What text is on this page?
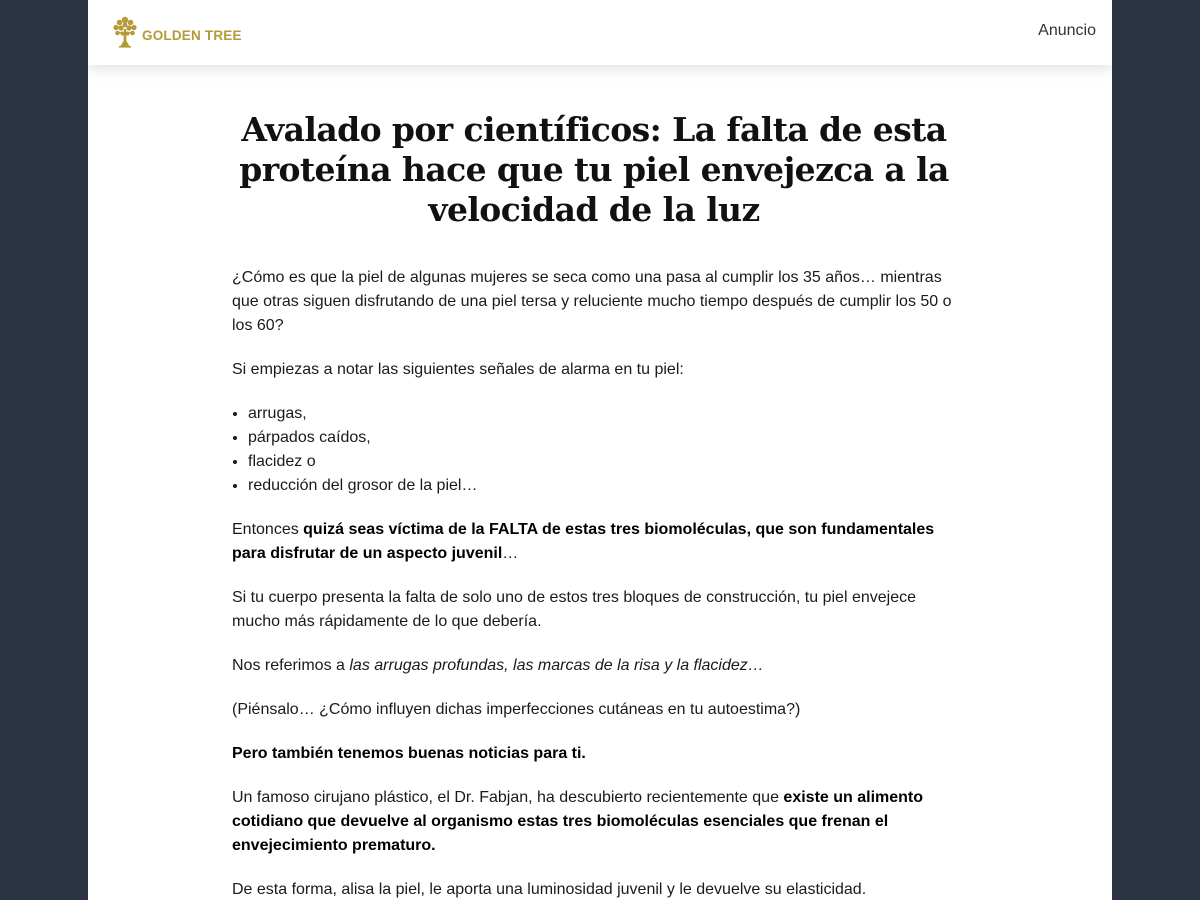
GOLDEN TREE	Anuncio
Avalado por científicos: La falta de esta proteína hace que tu piel envejezca a la velocidad de la luz

¿Cómo es que la piel de algunas mujeres se seca como una pasa al cumplir los 35 años… mientras que otras siguen disfrutando de una piel tersa y reluciente mucho tiempo después de cumplir los 50 o los 60?

Si empiezas a notar las siguientes señales de alarma en tu piel:

• arrugas,
• párpados caídos,
• flacidez o
• reducción del grosor de la piel…

Entonces quizá seas víctima de la FALTA de estas tres biomoléculas, que son fundamentales para disfrutar de un aspecto juvenil…

Si tu cuerpo presenta la falta de solo uno de estos tres bloques de construcción, tu piel envejece mucho más rápidamente de lo que debería.

Nos referimos a las arrugas profundas, las marcas de la risa y la flacidez…

(Piénsalo… ¿Cómo influyen dichas imperfecciones cutáneas en tu autoestima?)

Pero también tenemos buenas noticias para ti.

Un famoso cirujano plástico, el Dr. Fabjan, ha descubierto recientemente que existe un alimento cotidiano que devuelve al organismo estas tres biomoléculas esenciales que frenan el envejecimiento prematuro.

De esta forma, alisa la piel, le aporta una luminosidad juvenil y le devuelve su elasticidad.
